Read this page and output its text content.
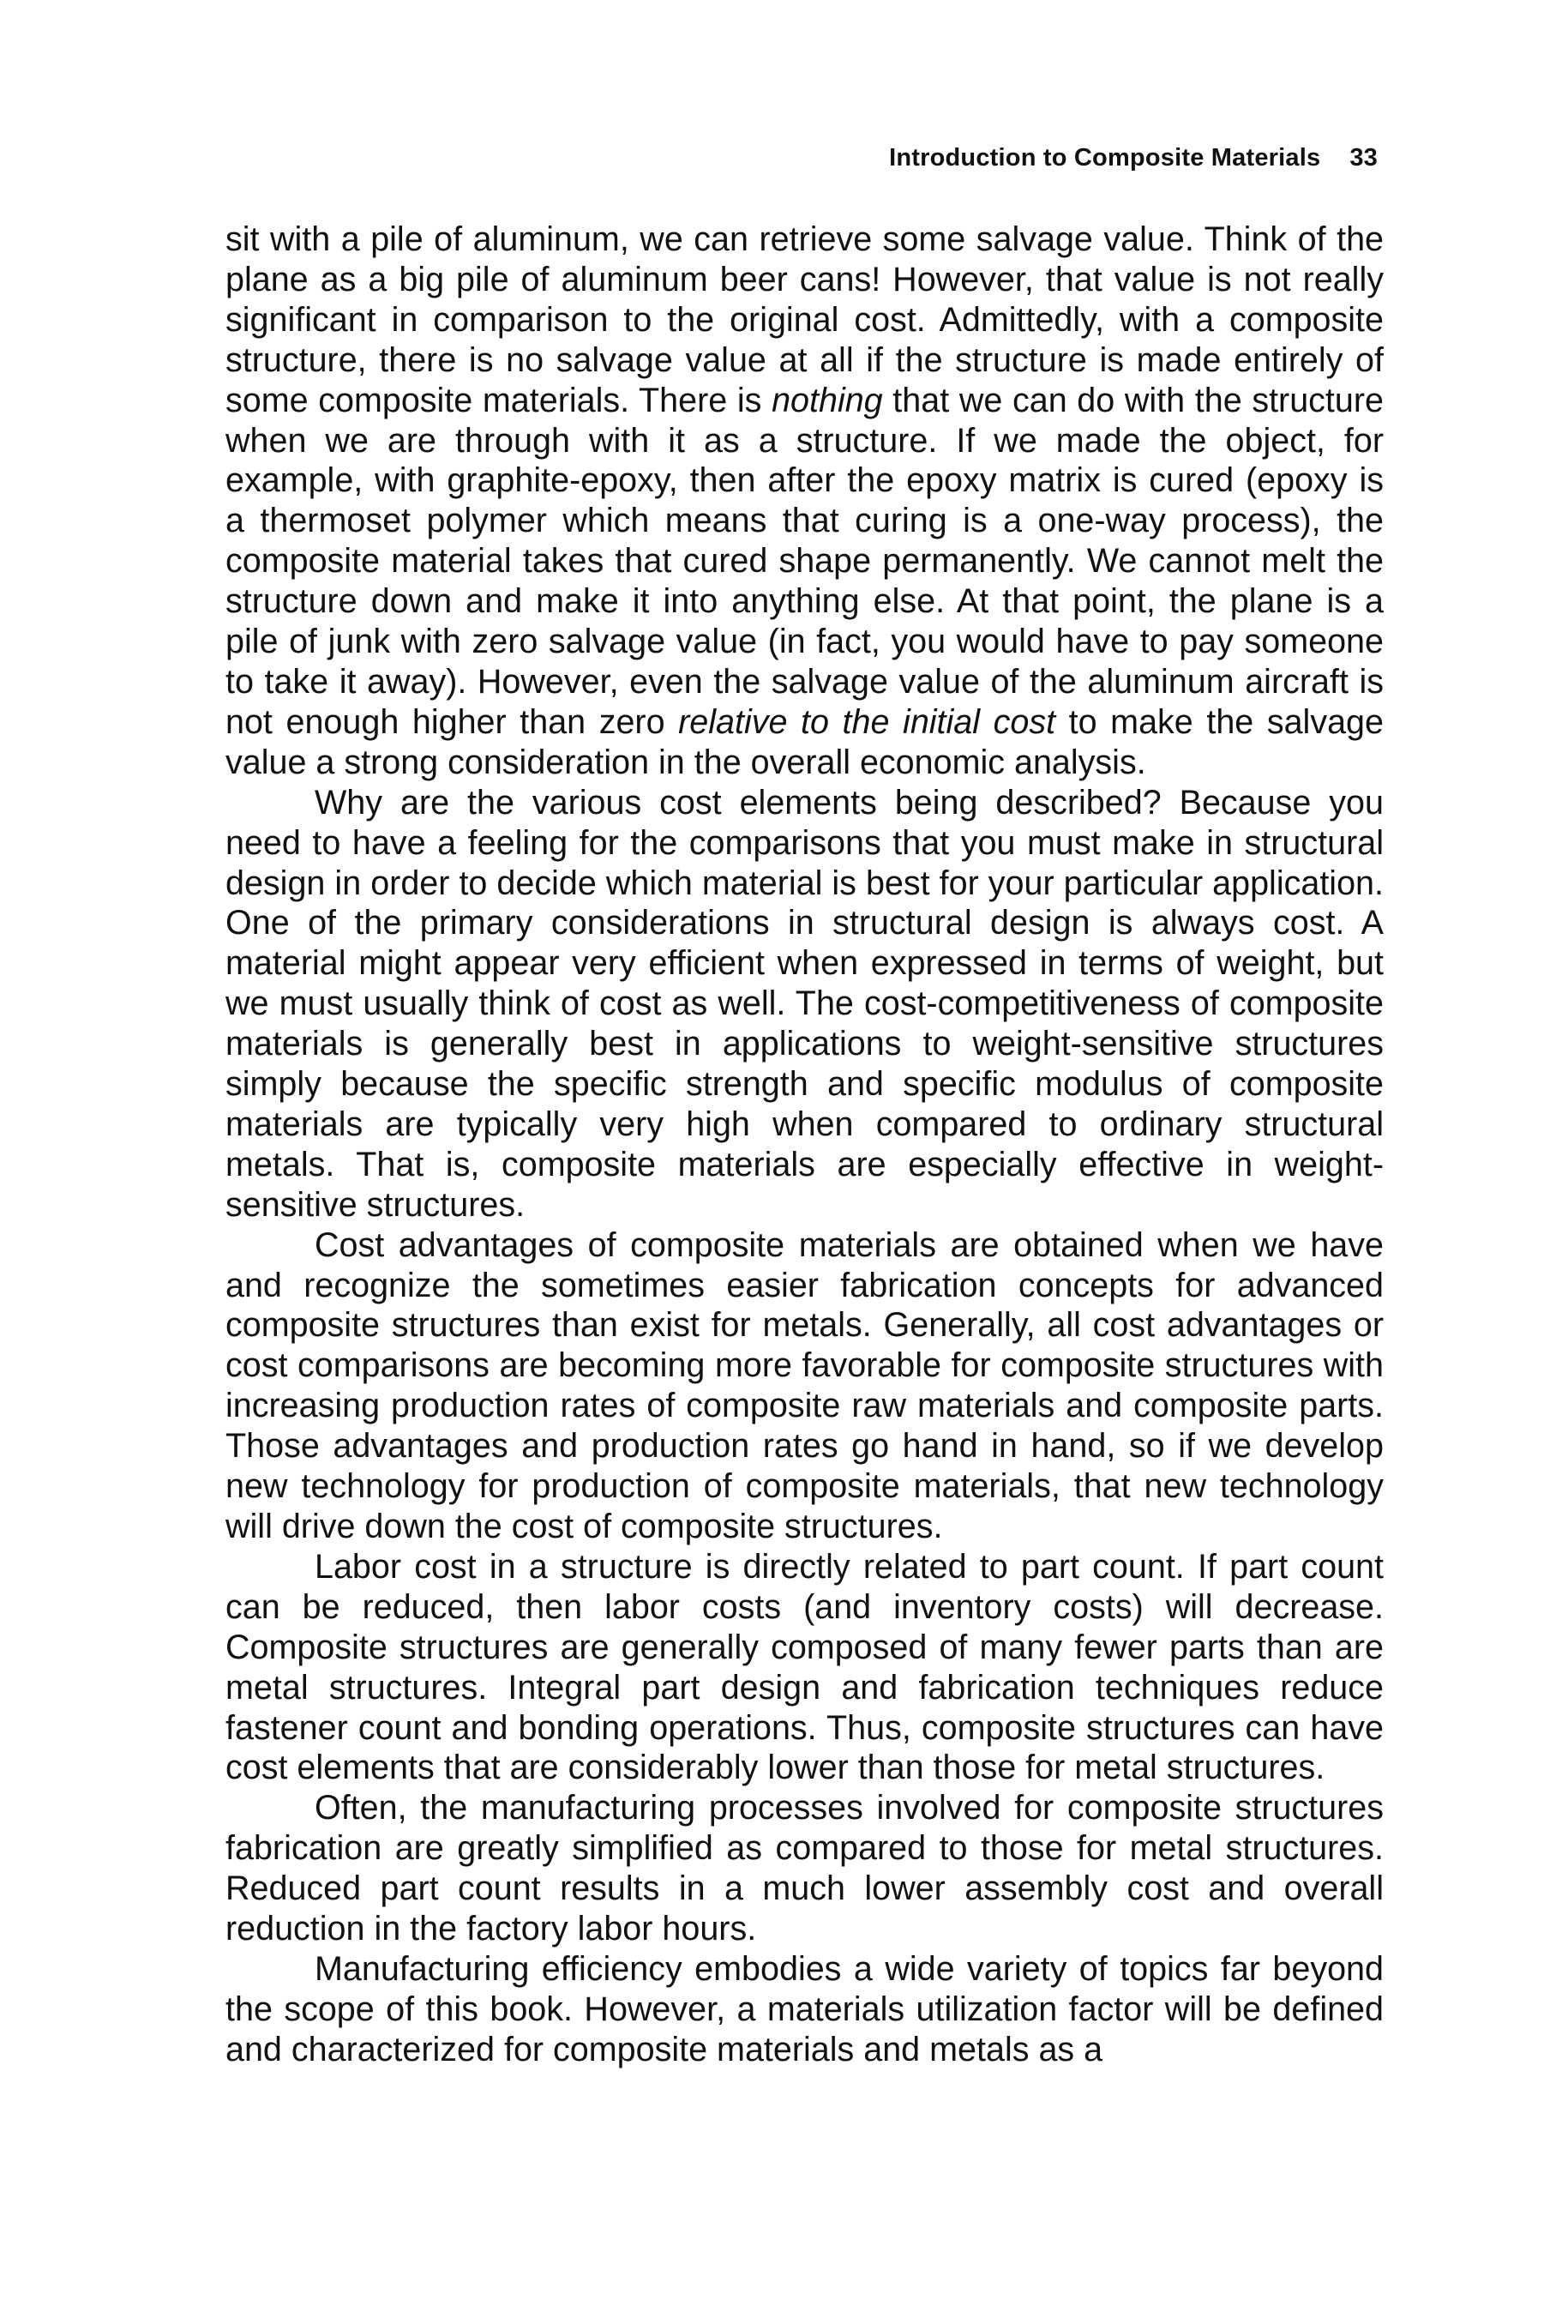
Introduction to Composite Materials 33

sit with a pile of aluminum, we can retrieve some salvage value. Think of the plane as a big pile of aluminum beer cans! However, that value is not really significant in comparison to the original cost. Admittedly, with a composite structure, there is no salvage value at all if the structure is made entirely of some composite materials. There is nothing that we can do with the structure when we are through with it as a structure. If we made the object, for example, with graphite-epoxy, then after the epoxy matrix is cured (epoxy is a thermoset polymer which means that curing is a one-way process), the composite material takes that cured shape permanently. We cannot melt the structure down and make it into anything else. At that point, the plane is a pile of junk with zero salvage value (in fact, you would have to pay someone to take it away). However, even the salvage value of the aluminum aircraft is not enough higher than zero relative to the initial cost to make the salvage value a strong consideration in the overall economic analysis.

Why are the various cost elements being described? Because you need to have a feeling for the comparisons that you must make in structural design in order to decide which material is best for your particular application. One of the primary considerations in structural design is always cost. A material might appear very efficient when expressed in terms of weight, but we must usually think of cost as well. The cost-competitiveness of composite materials is generally best in applications to weight-sensitive structures simply because the specific strength and specific modulus of composite materials are typically very high when compared to ordinary structural metals. That is, composite materials are especially effective in weight-sensitive structures.

Cost advantages of composite materials are obtained when we have and recognize the sometimes easier fabrication concepts for advanced composite structures than exist for metals. Generally, all cost advantages or cost comparisons are becoming more favorable for composite structures with increasing production rates of composite raw materials and composite parts. Those advantages and production rates go hand in hand, so if we develop new technology for production of composite materials, that new technology will drive down the cost of composite structures.

Labor cost in a structure is directly related to part count. If part count can be reduced, then labor costs (and inventory costs) will decrease. Composite structures are generally composed of many fewer parts than are metal structures. Integral part design and fabrication techniques reduce fastener count and bonding operations. Thus, composite structures can have cost elements that are considerably lower than those for metal structures.

Often, the manufacturing processes involved for composite structures fabrication are greatly simplified as compared to those for metal structures. Reduced part count results in a much lower assembly cost and overall reduction in the factory labor hours.

Manufacturing efficiency embodies a wide variety of topics far beyond the scope of this book. However, a materials utilization factor will be defined and characterized for composite materials and metals as a
